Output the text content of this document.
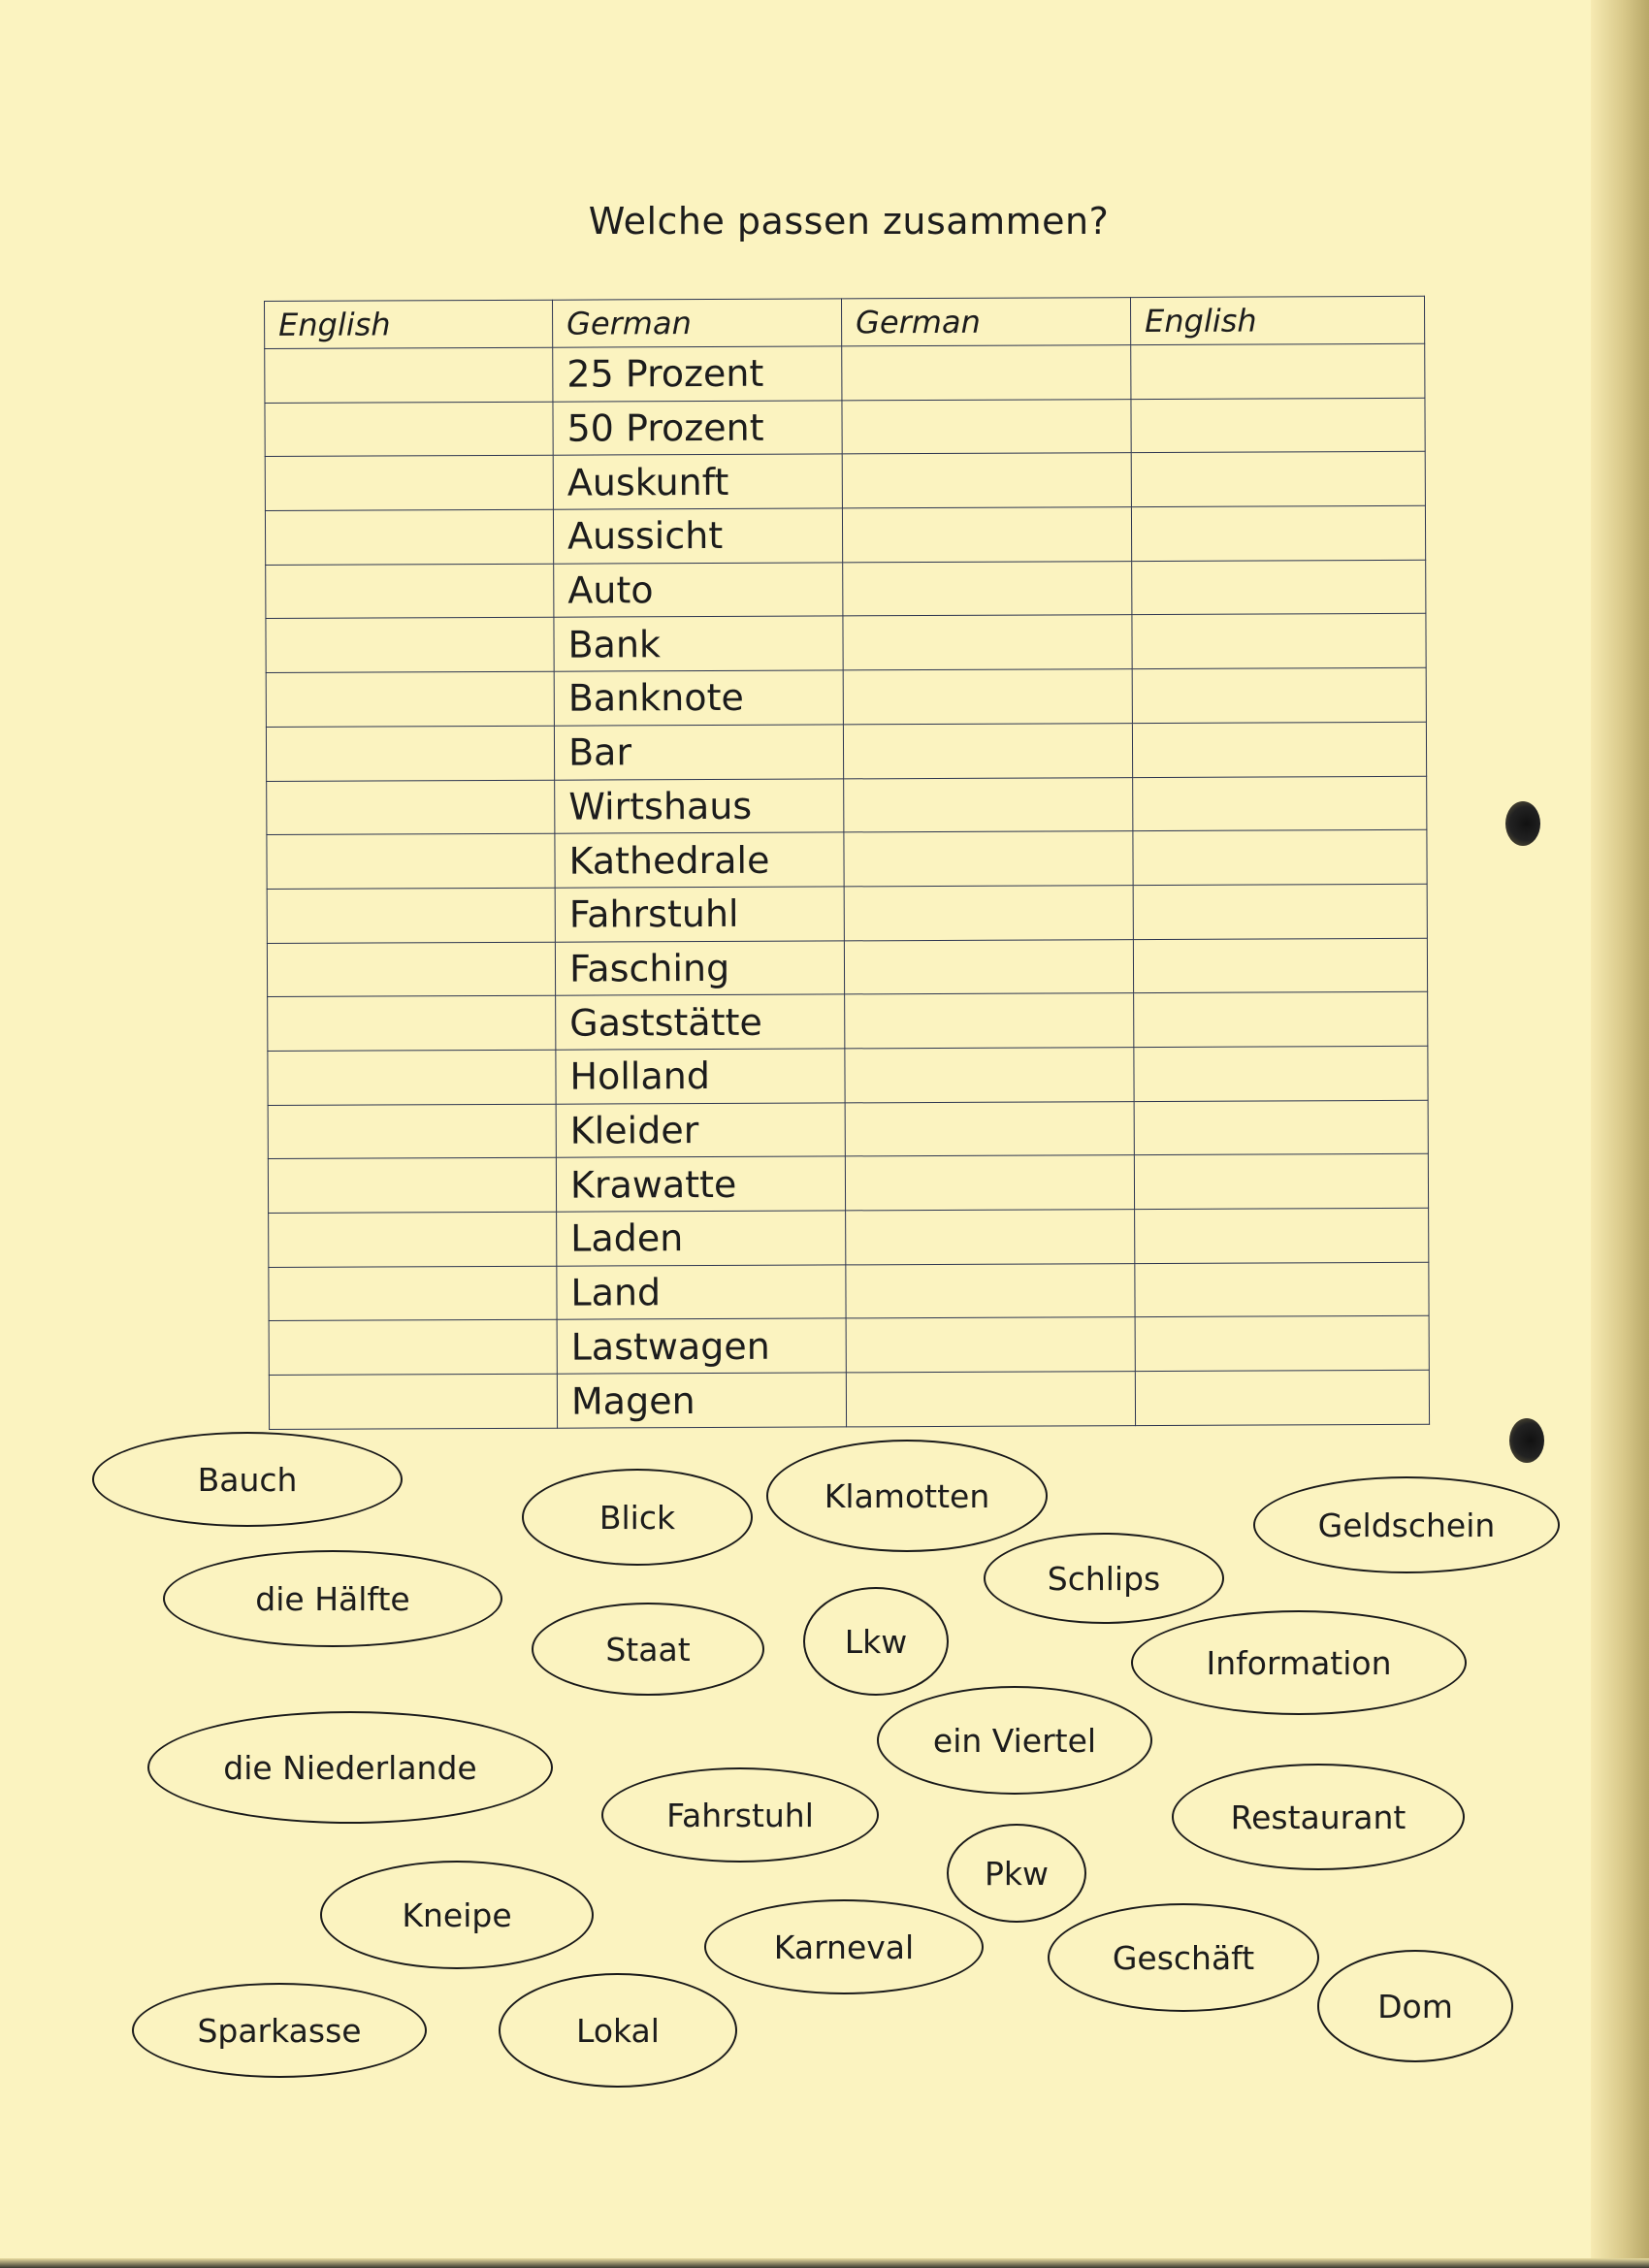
Welche passen zusammen?
English	German	German	English
	25 Prozent		
	50 Prozent		
	Auskunft		
	Aussicht		
	Auto		
	Bank		
	Banknote		
	Bar		
	Wirtshaus		
	Kathedrale		
	Fahrstuhl		
	Fasching		
	Gaststätte		
	Holland		
	Kleider		
	Krawatte		
	Laden		
	Land		
	Lastwagen		
	Magen		
Bauch
Blick
Klamotten
Geldschein
die Hälfte
Schlips
Staat	Lkw
Information
ein Viertel
die Niederlande
Fahrstuhl	Restaurant
Pkw
Kneipe
Karneval	Geschäft
Dom
Sparkasse	Lokal
